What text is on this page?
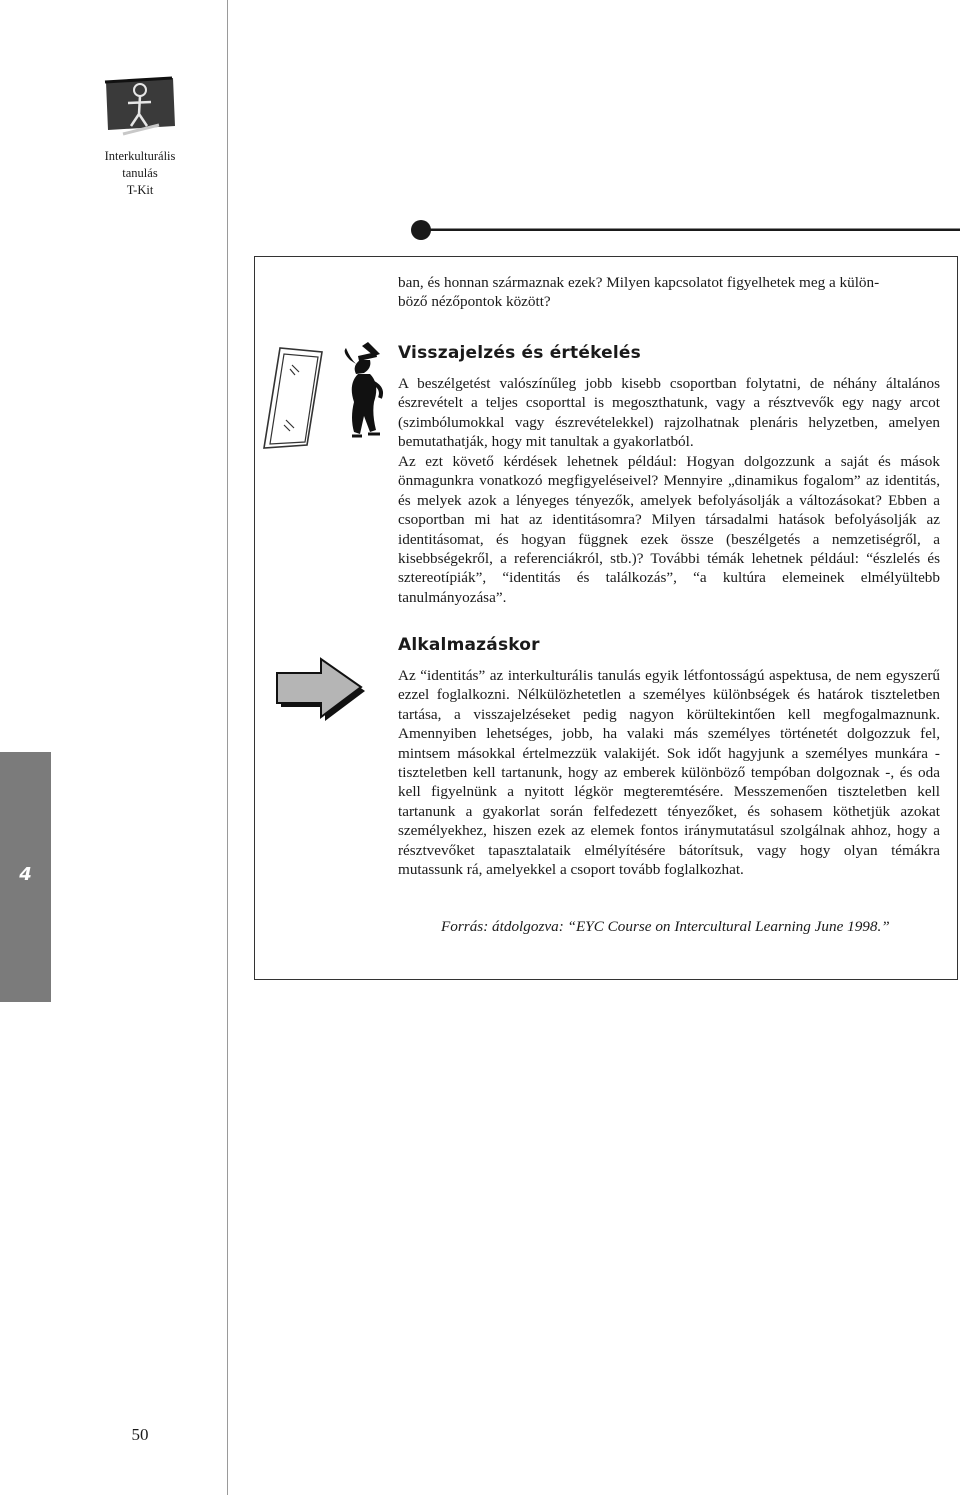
Interkulturális
tanulás
T-Kit
ban, és honnan származnak ezek? Milyen kapcsolatot figyelhetek meg a külön-
böző nézőpontok között?
Visszajelzés és értékelés
A beszélgetést valószínűleg jobb kisebb csoportban folytatni, de néhány általános észrevételt a teljes csoporttal is megoszthatunk, vagy a résztvevők egy nagy arcot (szimbólumokkal vagy észrevételekkel) rajzolhatnak plenáris helyzetben, amelyen bemutathatják, hogy mit tanultak a gyakorlatból.
Az ezt követő kérdések lehetnek például: Hogyan dolgozzunk a saját és mások önmagunkra vonatkozó megfigyeléseivel? Mennyire „dinamikus fogalom” az identitás, és melyek azok a lényeges tényezők, amelyek befolyásolják a változásokat? Ebben a csoportban mi hat az identitásomra? Milyen társadalmi hatások befolyásolják az identitásomat, és hogyan függnek ezek össze (beszélgetés a nemzetiségről, a kisebbségekről, a referenciákról, stb.)? További témák lehetnek például: “észlelés és sztereotípiák”, “identitás és találkozás”, “a kultúra elemeinek elmélyültebb tanulmányozása”.
Alkalmazáskor
Az “identitás” az interkulturális tanulás egyik létfontosságú aspektusa, de nem egyszerű ezzel foglalkozni. Nélkülözhetetlen a személyes különbségek és határok tiszteletben tartása, a visszajelzéseket pedig nagyon körültekintően kell megfogalmaznunk. Amennyiben lehetséges, jobb, ha valaki más személyes történetét dolgozzuk fel, mintsem másokkal értelmezzük valakijét. Sok időt hagyjunk a személyes munkára - tiszteletben kell tartanunk, hogy az emberek különböző tempóban dolgoznak -, és oda kell figyelnünk a nyitott légkör megteremtésére. Messzemenően tiszteletben kell tartanunk a gyakorlat során felfedezett tényezőket, és sohasem köthetjük azokat személyekhez, hiszen ezek az elemek fontos iránymutatásul szolgálnak ahhoz, hogy a résztvevőket tapasztalataik elmélyítésére bátorítsuk, vagy hogy olyan témákra mutassunk rá, amelyekkel a csoport tovább foglalkozhat.
Forrás: átdolgozva: “EYC Course on Intercultural Learning June 1998.”
4
50
